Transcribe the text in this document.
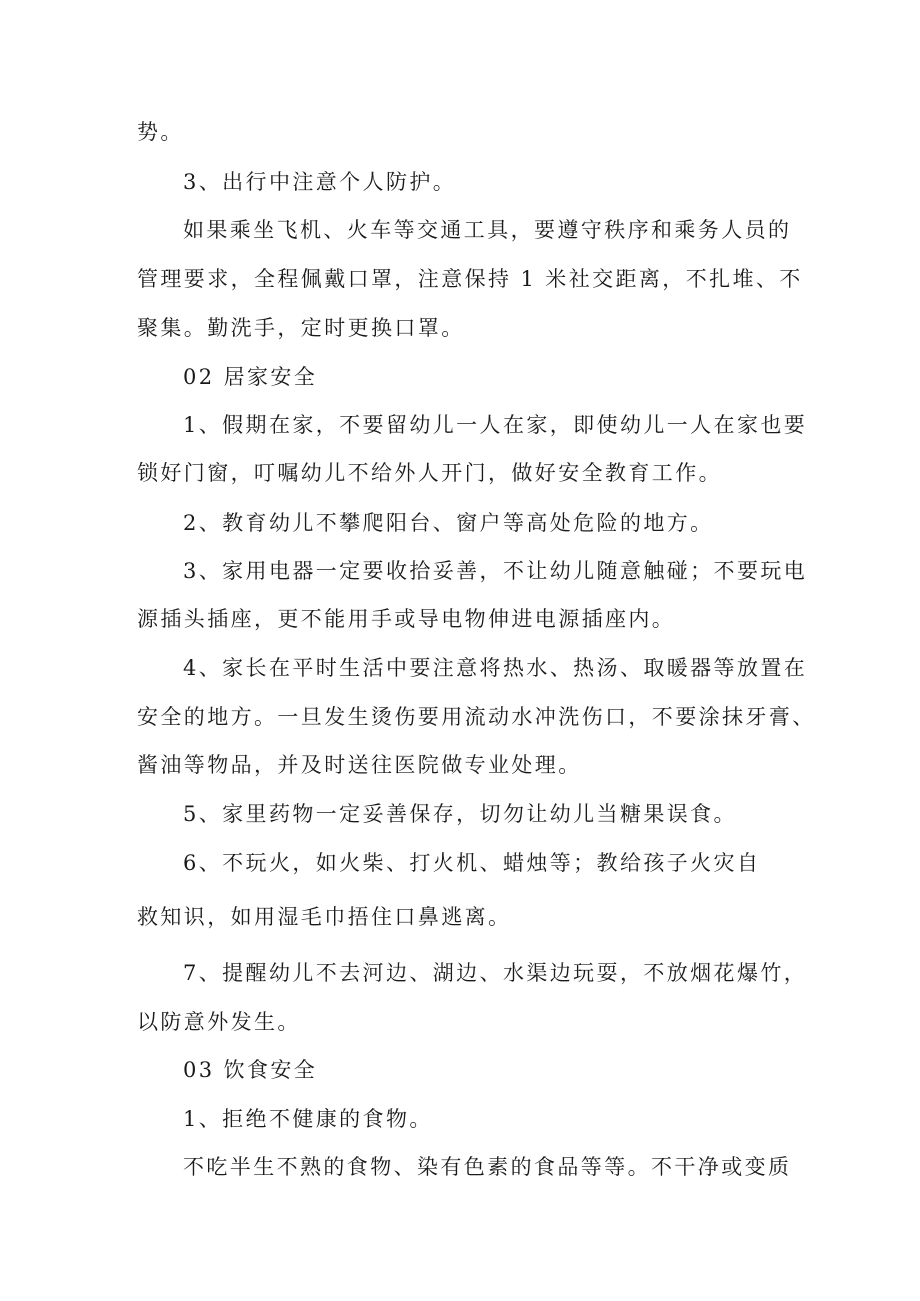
势。
3、出行中注意个人防护。
如果乘坐飞机、火车等交通工具，要遵守秩序和乘务人员的
管理要求，全程佩戴口罩，注意保持 1 米社交距离，不扎堆、不
聚集。勤洗手，定时更换口罩。
02 居家安全
1、假期在家，不要留幼儿一人在家，即使幼儿一人在家也要
锁好门窗，叮嘱幼儿不给外人开门，做好安全教育工作。
2、教育幼儿不攀爬阳台、窗户等高处危险的地方。
3、家用电器一定要收拾妥善，不让幼儿随意触碰；不要玩电
源插头插座，更不能用手或导电物伸进电源插座内。
4、家长在平时生活中要注意将热水、热汤、取暖器等放置在
安全的地方。一旦发生烫伤要用流动水冲洗伤口，不要涂抹牙膏、
酱油等物品，并及时送往医院做专业处理。
5、家里药物一定妥善保存，切勿让幼儿当糖果误食。
6、不玩火，如火柴、打火机、蜡烛等；教给孩子火灾自
救知识，如用湿毛巾捂住口鼻逃离。
7、提醒幼儿不去河边、湖边、水渠边玩耍，不放烟花爆竹，
以防意外发生。
03 饮食安全
1、拒绝不健康的食物。
不吃半生不熟的食物、染有色素的食品等等。不干净或变质
